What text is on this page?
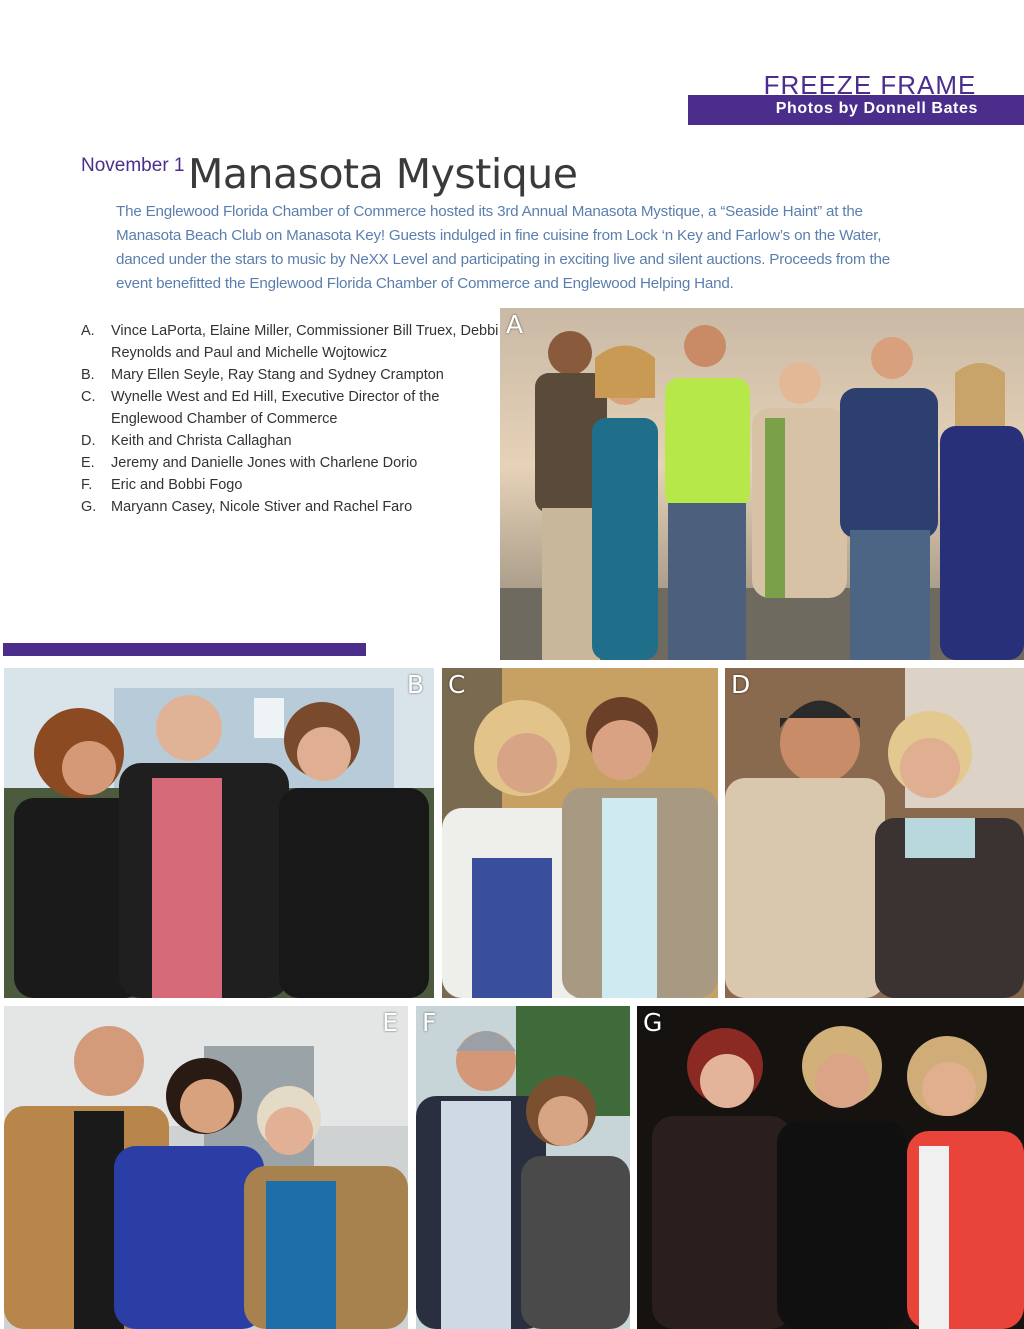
FREEZE FRAME
Photos by Donnell Bates
November 1 Manasota Mystique
The Englewood Florida Chamber of Commerce hosted its 3rd Annual Manasota Mystique, a “Seaside Haint” at the Manasota Beach Club on Manasota Key! Guests indulged in fine cuisine from Lock ‘n Key and Farlow’s on the Water, danced under the stars to music by NeXX Level and participating in exciting live and silent auctions. Proceeds from the event benefitted the Englewood Florida Chamber of Commerce and Englewood Helping Hand.
A.	Vince LaPorta, Elaine Miller, Commissioner Bill Truex, Debbi Reynolds and Paul and Michelle Wojtowicz
B.	Mary Ellen Seyle, Ray Stang and Sydney Crampton
C.	Wynelle West and Ed Hill, Executive Director of the Englewood Chamber of Commerce
D.	Keith and Christa Callaghan
E.	Jeremy and Danielle Jones with Charlene Dorio
F.	Eric and Bobbi Fogo
G.	Maryann Casey, Nicole Stiver and Rachel Faro
A
B C	D
E F	G
